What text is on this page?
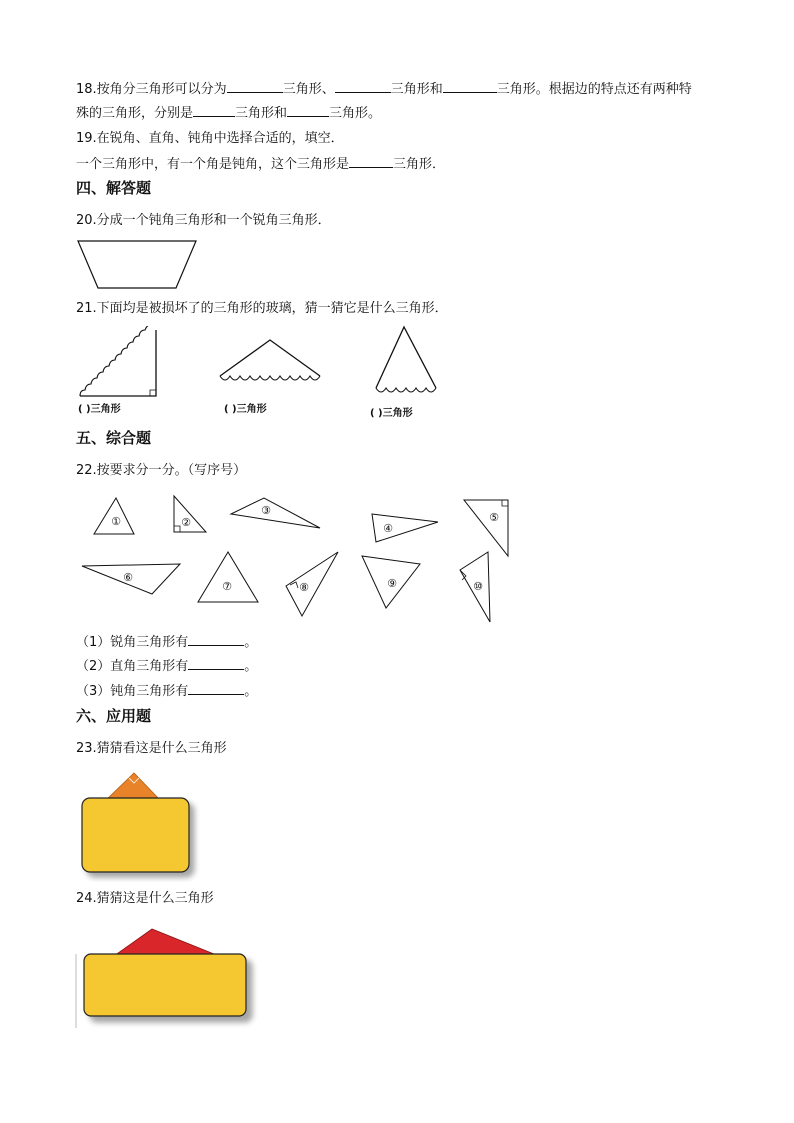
18.按角分三角形可以分为	三角形、	三角形和	三角形。根据边的特点还有两种特
殊的三角形，分别是	三角形和	三角形。
19.在锐角、直角、钝角中选择合适的，填空．
一个三角形中，有一个角是钝角，这个三角形是	三角形．
四、解答题
20.分成一个钝角三角形和一个锐角三角形．
21.下面均是被损坏了的三角形的玻璃，猜一猜它是什么三角形．
( )三角形	( )三角形	( )三角形
五、综合题
22.按要求分一分。（写序号）
①	②
③
④
⑤
⑥
⑦	⑧	⑨	⑩
（1）锐角三角形有	。
（2）直角三角形有	。
（3）钝角三角形有	。
六、应用题
23.猜猜看这是什么三角形
24.猜猜这是什么三角形
